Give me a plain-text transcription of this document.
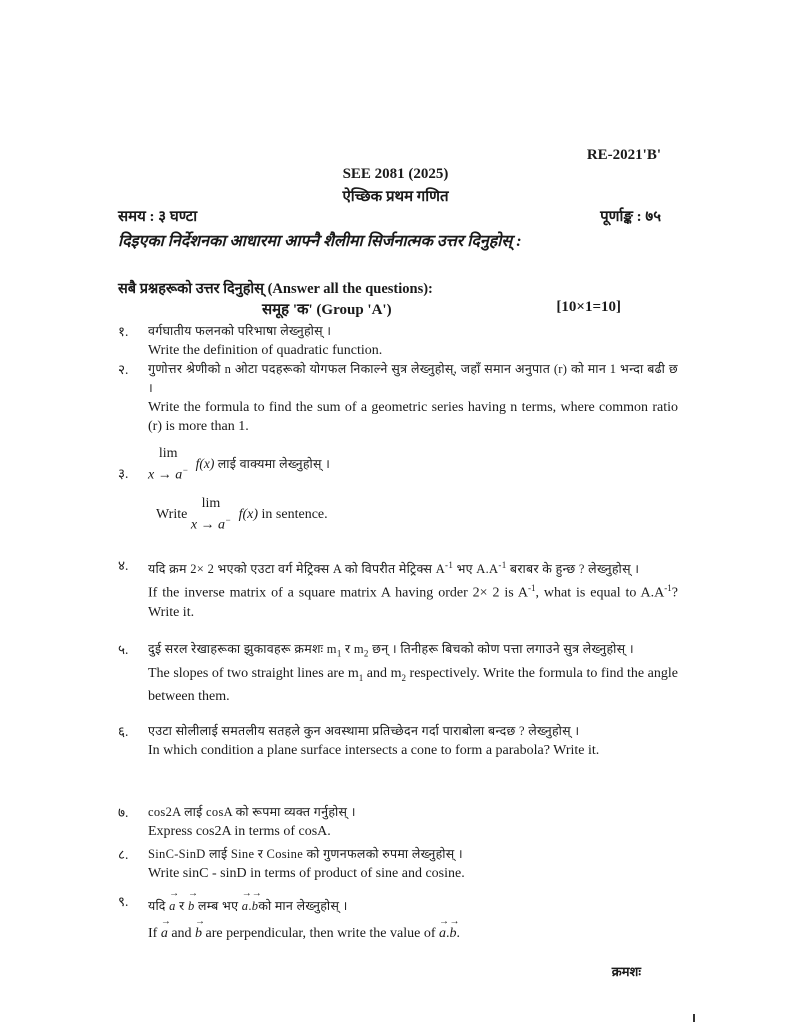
RE-2021'B'
SEE 2081 (2025)
ऐच्छिक प्रथम गणित
समय : ३ घण्टा	पूर्णाङ्क : ७५
दिइएका निर्देशनका आधारमा आफ्नै शैलीमा सिर्जनात्मक उत्तर दिनुहोस् :
सबै प्रश्नहरूको उत्तर दिनुहोस् (Answer all the questions):
समूह 'क' (Group 'A')	[10×1=10]
१.	वर्गघातीय फलनको परिभाषा लेख्नुहोस् ।
Write the definition of quadratic function.
२.	गुणोत्तर श्रेणीको n ओटा पदहरूको योगफल निकाल्ने सुत्र लेख्नुहोस्, जहाँ समान अनुपात (r) को मान 1 भन्दा बढी छ ।
Write the formula to find the sum of a geometric series having n terms, where common ratio (r) is more than 1.
३.
lim
x → a− f(x) लाई वाक्यमा लेख्नुहोस् ।
Write
lim
x → a− f(x) in sentence.
४.	यदि क्रम 2× 2 भएको एउटा वर्ग मेट्रिक्स A को विपरीत मेट्रिक्स $A^{-1}$ भए $A.A^{-1}$ बराबर के हुन्छ ? लेख्नुहोस् ।
If the inverse matrix of a square matrix A having order 2× 2 is $A^{-1}$, what is equal to $A.A^{-1}$? Write it.
५.	दुई सरल रेखाहरूका झुकावहरू क्रमशः $m_1$ र $m_2$ छन् । तिनीहरू बिचको कोण पत्ता लगाउने सुत्र लेख्नुहोस् ।
The slopes of two straight lines are $m_1$ and $m_2$ respectively. Write the formula to find the angle between them.
६.	एउटा सोलीलाई समतलीय सतहले कुन अवस्थामा प्रतिच्छेदन गर्दा पाराबोला बन्दछ ? लेख्नुहोस् ।
In which condition a plane surface intersects a cone to form a parabola? Write it.
७.	cos2A लाई cosA को रूपमा व्यक्त गर्नुहोस् ।
Express cos2A in terms of cosA.
८.	SinC-SinD लाई Sine र Cosine को गुणनफलको रुपमा लेख्नुहोस् ।
Write sinC - sinD in terms of product of sine and cosine.
९.	यदि → a र → b लम्ब भए → a.→ bको मान लेख्नुहोस् ।
If → a and → b are perpendicular, then write the value of → a.→ b.
क्रमशः
